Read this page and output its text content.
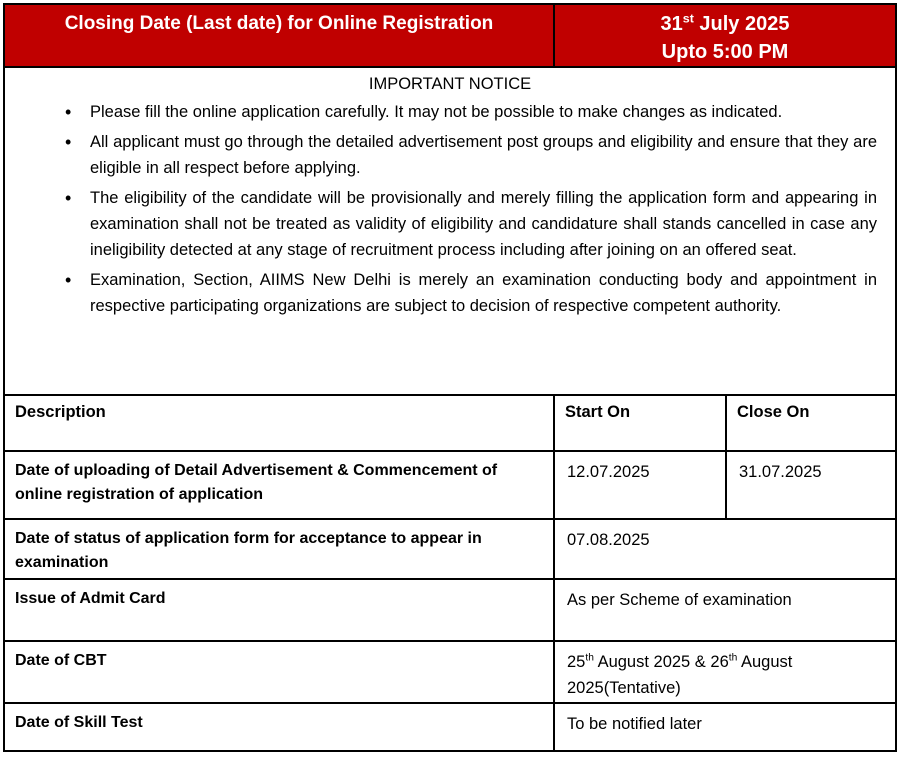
Closing Date (Last date) for Online Registration	31st July 2025
Upto 5:00 PM	

IMPORTANT NOTICE
• Please fill the online application carefully. It may not be possible to make changes as indicated.
• All applicant must go through the detailed advertisement post groups and eligibility and ensure that they are eligible in all respect before applying.
• The eligibility of the candidate will be provisionally and merely filling the application form and appearing in examination shall not be treated as validity of eligibility and candidature shall stands cancelled in case any ineligibility detected at any stage of recruitment process including after joining on an offered seat.
• Examination, Section, AIIMS New Delhi is merely an examination conducting body and appointment in respective participating organizations are subject to decision of respective competent authority.

Description	Start On	Close On
Date of uploading of Detail Advertisement & Commencement of online registration of application	12.07.2025	31.07.2025
Date of status of application form for acceptance to appear in examination	07.08.2025	
Issue of Admit Card	As per Scheme of examination	
Date of CBT	25th August 2025 & 26th August 2025(Tentative)	
Date of Skill Test	To be notified later	
